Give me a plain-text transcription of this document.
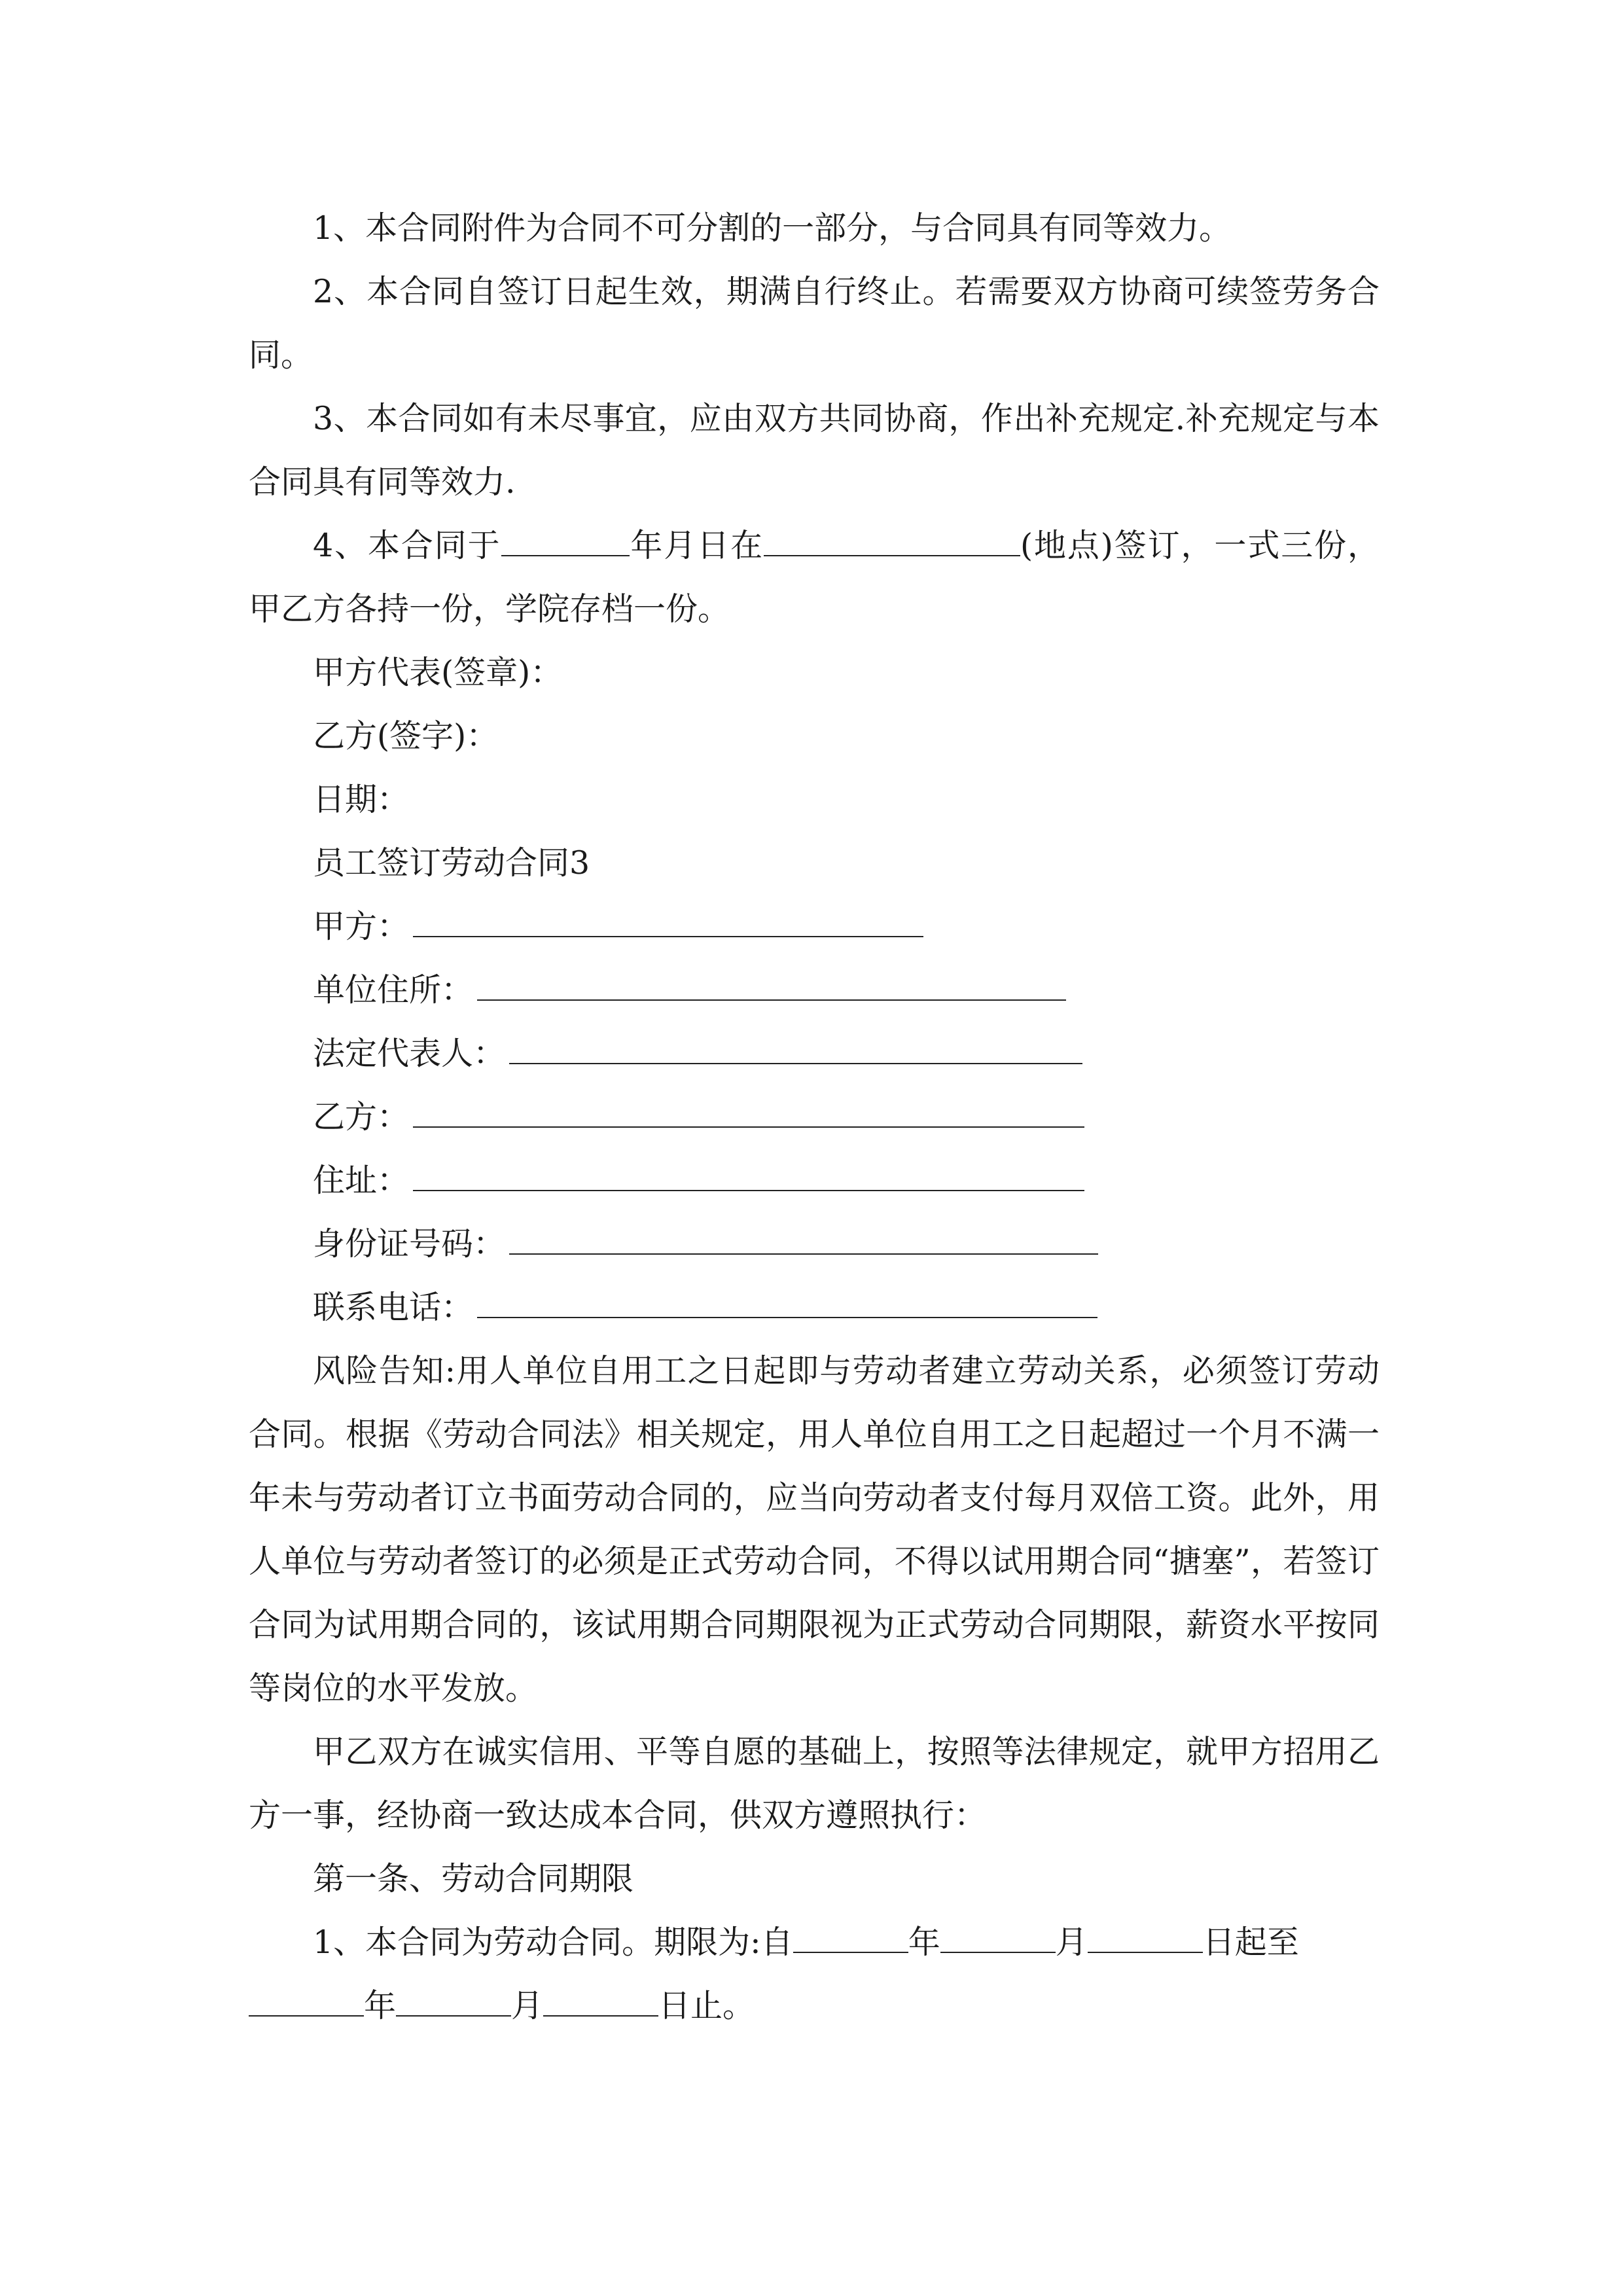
1、本合同附件为合同不可分割的一部分，与合同具有同等效力。

2、本合同自签订日起生效，期满自行终止。若需要双方协商可续签劳务合同。

3、本合同如有未尽事宜，应由双方共同协商，作出补充规定.补充规定与本合同具有同等效力.

4、本合同于	年月日在	(地点)签订，一式三份，甲乙方各持一份，学院存档一份。

甲方代表(签章)：

乙方(签字)：

日期：

员工签订劳动合同3

甲方：

单位住所：

法定代表人：

乙方：

住址：

身份证号码：

联系电话：

风险告知:用人单位自用工之日起即与劳动者建立劳动关系，必须签订劳动合同。根据《劳动合同法》相关规定，用人单位自用工之日起超过一个月不满一年未与劳动者订立书面劳动合同的，应当向劳动者支付每月双倍工资。此外，用人单位与劳动者签订的必须是正式劳动合同，不得以试用期合同“搪塞”，若签订合同为试用期合同的，该试用期合同期限视为正式劳动合同期限，薪资水平按同等岗位的水平发放。

甲乙双方在诚实信用、平等自愿的基础上，按照等法律规定，就甲方招用乙方一事，经协商一致达成本合同，供双方遵照执行：

第一条、劳动合同期限

1、本合同为劳动合同。期限为:自	年	月	日起至年	月	日止。
